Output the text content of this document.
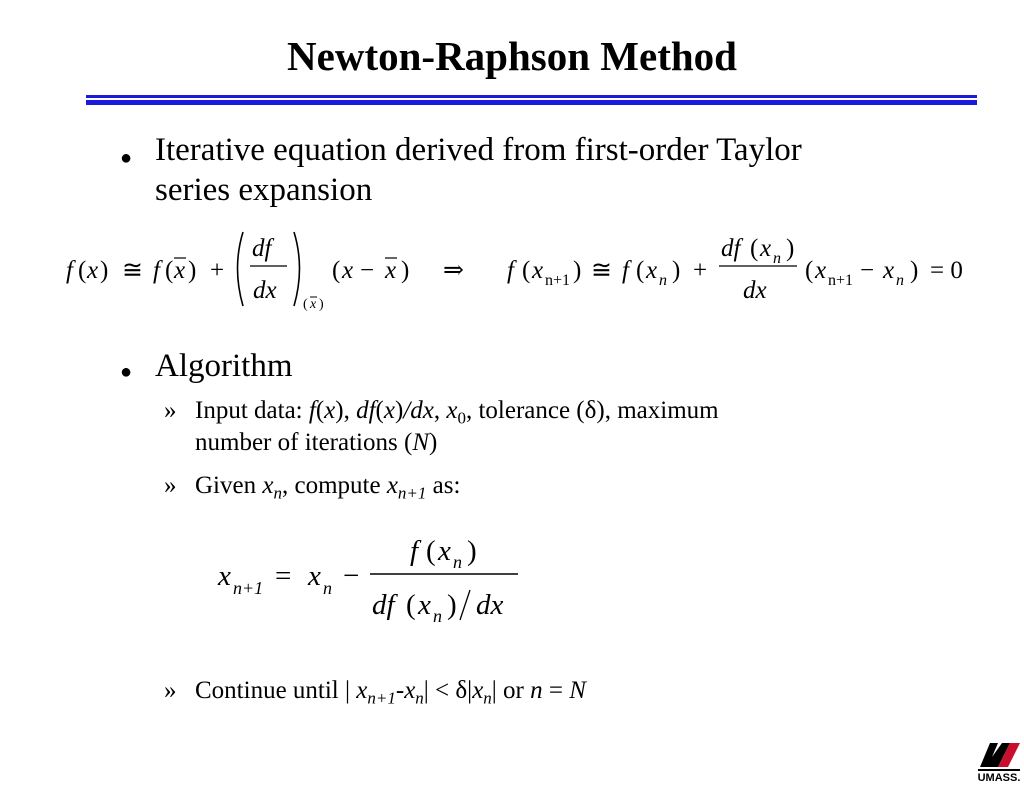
Newton-Raphson Method
● Iterative equation derived from first-order Taylor
series expansion
f ( x ) ≅ f ( x ) +
df
dx
( x )
( x − x ) ⇒ f ( x n+1 ) ≅ f ( x n ) +
df ( x n )
dx
( x n+1 − x n ) = 0
● Algorithm
» Input data: f(x), df(x)/dx, $x_0$, tolerance (δ), maximum
number of iterations (N)
» Given $x_n$, compute $x_{n+1}$ as:
x n+1 = x n −
f ( x n )
df ( x n ) dx
» Continue until | $x_{n+1}-x_n| < \delta|x_n|$ or n = N
UMASS.
